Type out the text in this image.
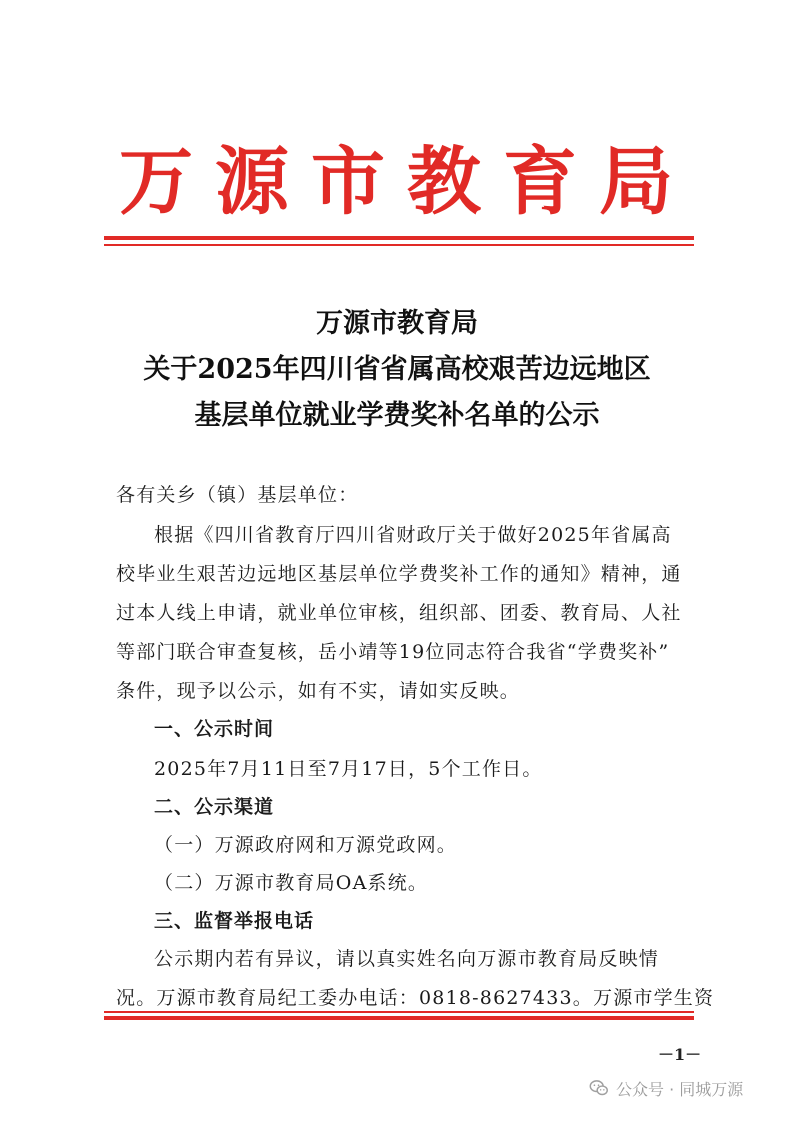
万源市教育局
万源市教育局
关于2025年四川省省属高校艰苦边远地区
基层单位就业学费奖补名单的公示
各有关乡（镇）基层单位：
根据《四川省教育厅四川省财政厅关于做好2025年省属高
校毕业生艰苦边远地区基层单位学费奖补工作的通知》精神，通
过本人线上申请，就业单位审核，组织部、团委、教育局、人社
等部门联合审查复核，岳小靖等19位同志符合我省“学费奖补”
条件，现予以公示，如有不实，请如实反映。
一、公示时间
2025年7月11日至7月17日，5个工作日。
二、公示渠道
（一）万源政府网和万源党政网。
（二）万源市教育局OA系统。
三、监督举报电话
公示期内若有异议，请以真实姓名向万源市教育局反映情
况。万源市教育局纪工委办电话：0818-8627433。万源市学生资
－1－
公众号 · 同城万源
